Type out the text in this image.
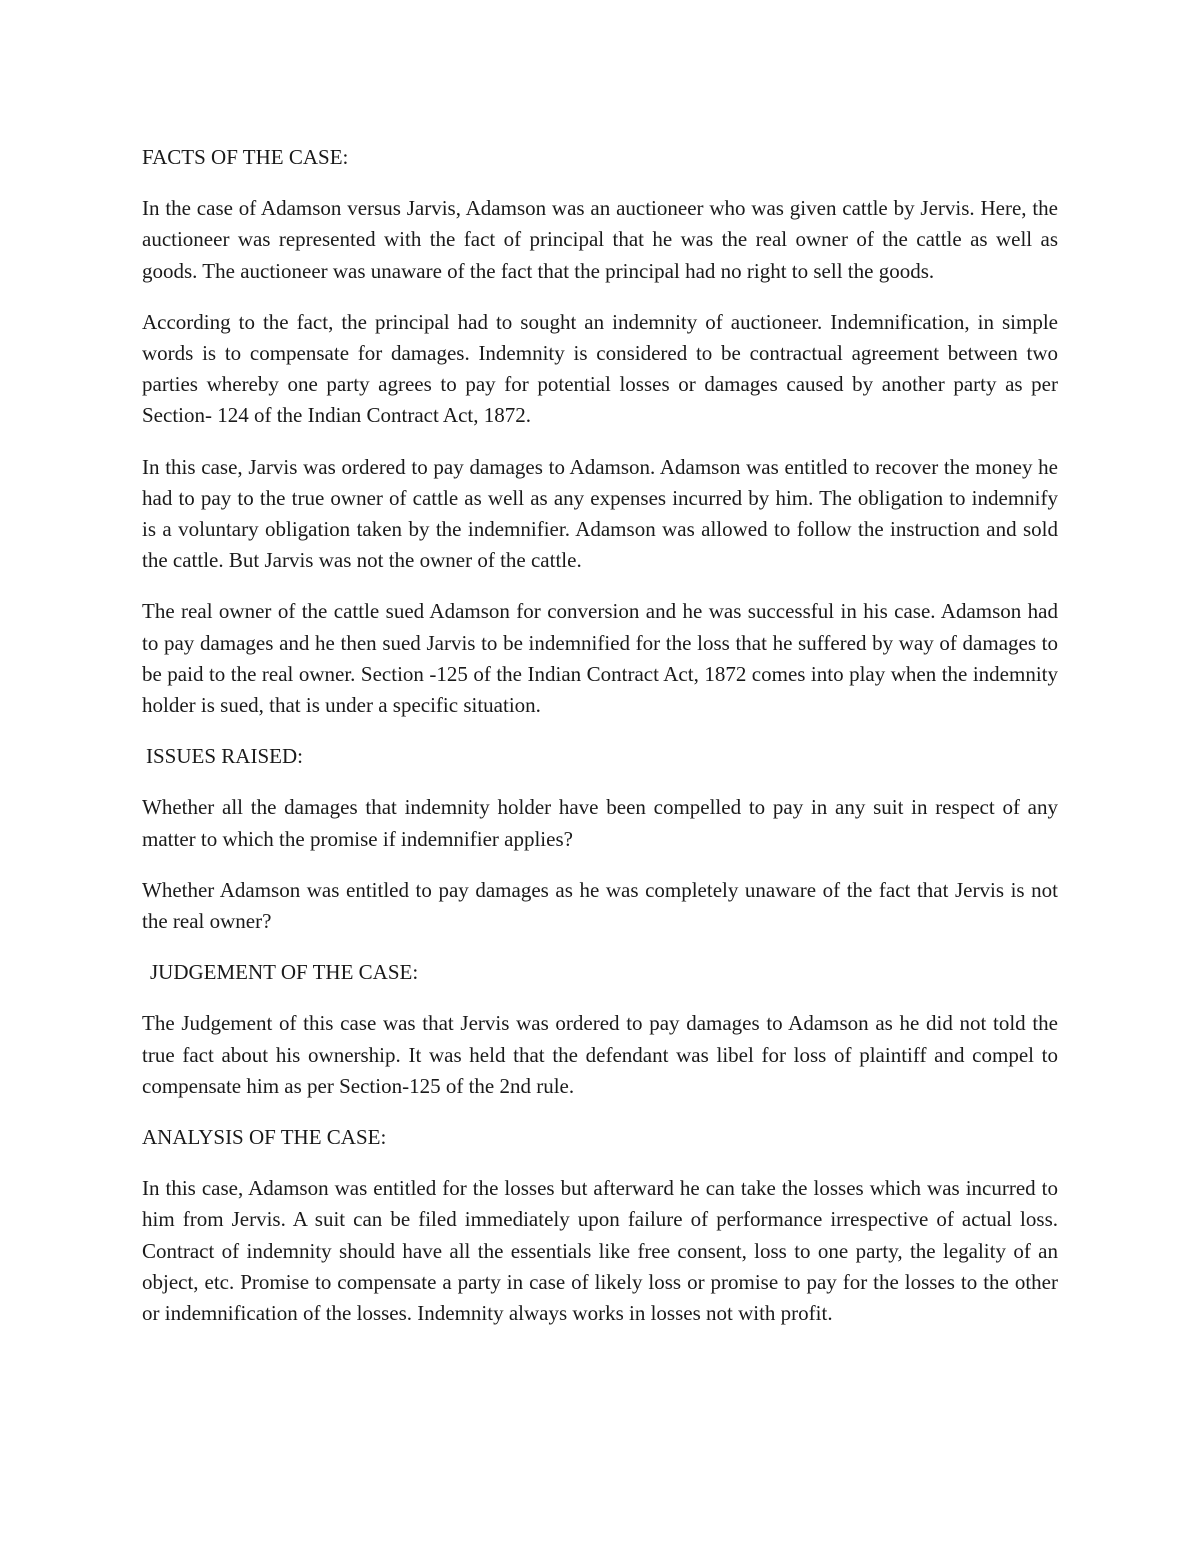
FACTS OF THE CASE:

In the case of Adamson versus Jarvis, Adamson was an auctioneer who was given cattle by Jervis. Here, the auctioneer was represented with the fact of principal that he was the real owner of the cattle as well as goods. The auctioneer was unaware of the fact that the principal had no right to sell the goods.

According to the fact, the principal had to sought an indemnity of auctioneer. Indemnification, in simple words is to compensate for damages. Indemnity is considered to be contractual agreement between two parties whereby one party agrees to pay for potential losses or damages caused by another party as per Section- 124 of the Indian Contract Act, 1872.

In this case, Jarvis was ordered to pay damages to Adamson. Adamson was entitled to recover the money he had to pay to the true owner of cattle as well as any expenses incurred by him. The obligation to indemnify is a voluntary obligation taken by the indemnifier. Adamson was allowed to follow the instruction and sold the cattle. But Jarvis was not the owner of the cattle.

The real owner of the cattle sued Adamson for conversion and he was successful in his case. Adamson had to pay damages and he then sued Jarvis to be indemnified for the loss that he suffered by way of damages to be paid to the real owner. Section -125 of the Indian Contract Act, 1872 comes into play when the indemnity holder is sued, that is under a specific situation.

ISSUES RAISED:

Whether all the damages that indemnity holder have been compelled to pay in any suit in respect of any matter to which the promise if indemnifier applies?

Whether Adamson was entitled to pay damages as he was completely unaware of the fact that Jervis is not the real owner?

JUDGEMENT OF THE CASE:

The Judgement of this case was that Jervis was ordered to pay damages to Adamson as he did not told the true fact about his ownership. It was held that the defendant was libel for loss of plaintiff and compel to compensate him as per Section-125 of the 2nd rule.

ANALYSIS OF THE CASE:

In this case, Adamson was entitled for the losses but afterward he can take the losses which was incurred to him from Jervis. A suit can be filed immediately upon failure of performance irrespective of actual loss. Contract of indemnity should have all the essentials like free consent, loss to one party, the legality of an object, etc. Promise to compensate a party in case of likely loss or promise to pay for the losses to the other or indemnification of the losses. Indemnity always works in losses not with profit.
